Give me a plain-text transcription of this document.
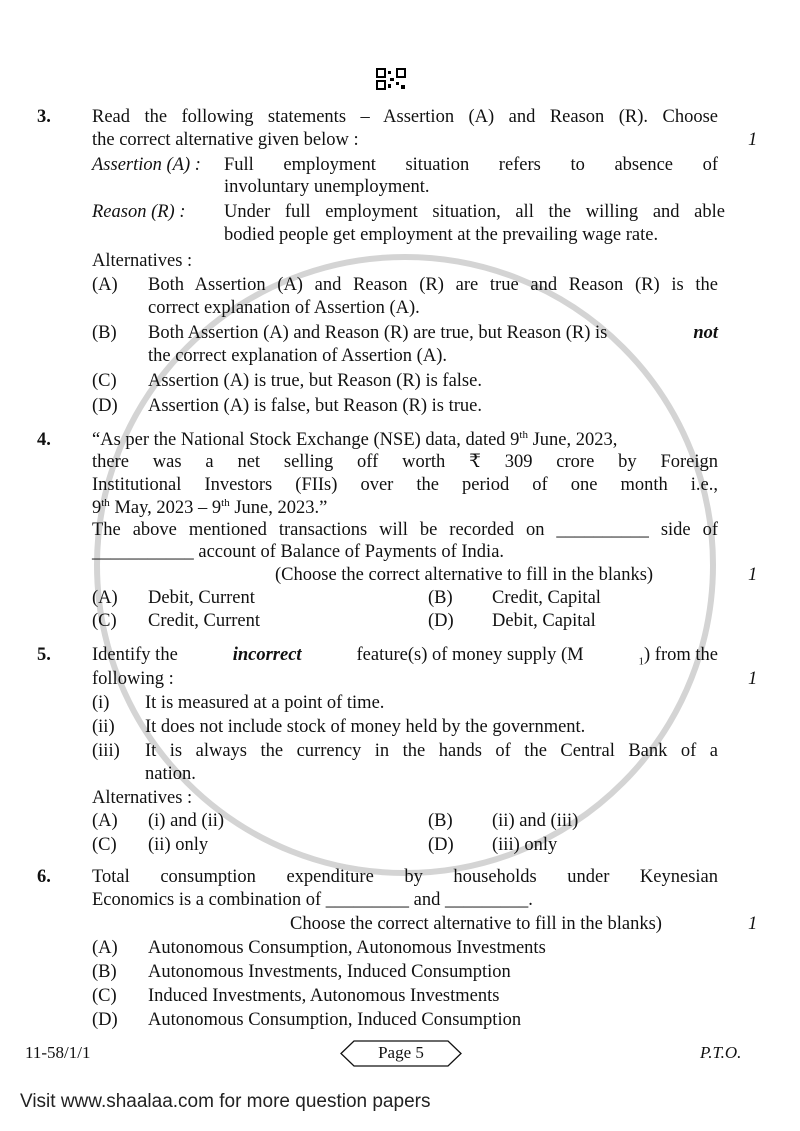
3. Read the following statements – Assertion (A) and Reason (R). Choose
the correct alternative given below :	1
Assertion (A) : Full employment situation refers to absence of
involuntary unemployment.
Reason (R) : Under full employment situation, all the willing and able
bodied people get employment at the prevailing wage rate.
Alternatives :
(A) Both Assertion (A) and Reason (R) are true and Reason (R) is the
correct explanation of Assertion (A).
(B) Both Assertion (A) and Reason (R) are true, but Reason (R) is	not
the correct explanation of Assertion (A).
(C) Assertion (A) is true, but Reason (R) is false.
(D) Assertion (A) is false, but Reason (R) is true.
4. “As per the National Stock Exchange (NSE) data, dated 9 $^{th}$ June, 2023,
there was a net selling off worth ₹ 309 crore by Foreign
Institutional Investors (FIIs) over the period of one month i.e.,
9th May, 2023 – 9th June, 2023.”
The above mentioned transactions will be recorded on __________ side of
___________ account of Balance of Payments of India.
(Choose the correct alternative to fill in the blanks)	1
(A) Debit, Current	(B) Credit, Capital
(C) Credit, Current	(D) Debit, Capital
5. Identify the	incorrect	feature(s) of money supply (M	$_1$) from the
following :	1
(i) It is measured at a point of time.
(ii) It does not include stock of money held by the government.
(iii) It is always the currency in the hands of the Central Bank of a
nation.
Alternatives :
(A) (i) and (ii)	(B) (ii) and (iii)
(C) (ii) only	(D) (iii) only
6. Total consumption expenditure by households under Keynesian
Economics is a combination of _________ and _________.
Choose the correct alternative to fill in the blanks)	1
(A) Autonomous Consumption, Autonomous Investments
(B) Autonomous Investments, Induced Consumption
(C) Induced Investments, Autonomous Investments
(D) Autonomous Consumption, Induced Consumption
11-58/1/1	Page 5	P.T.O.
Visit www.shaalaa.com for more question papers
